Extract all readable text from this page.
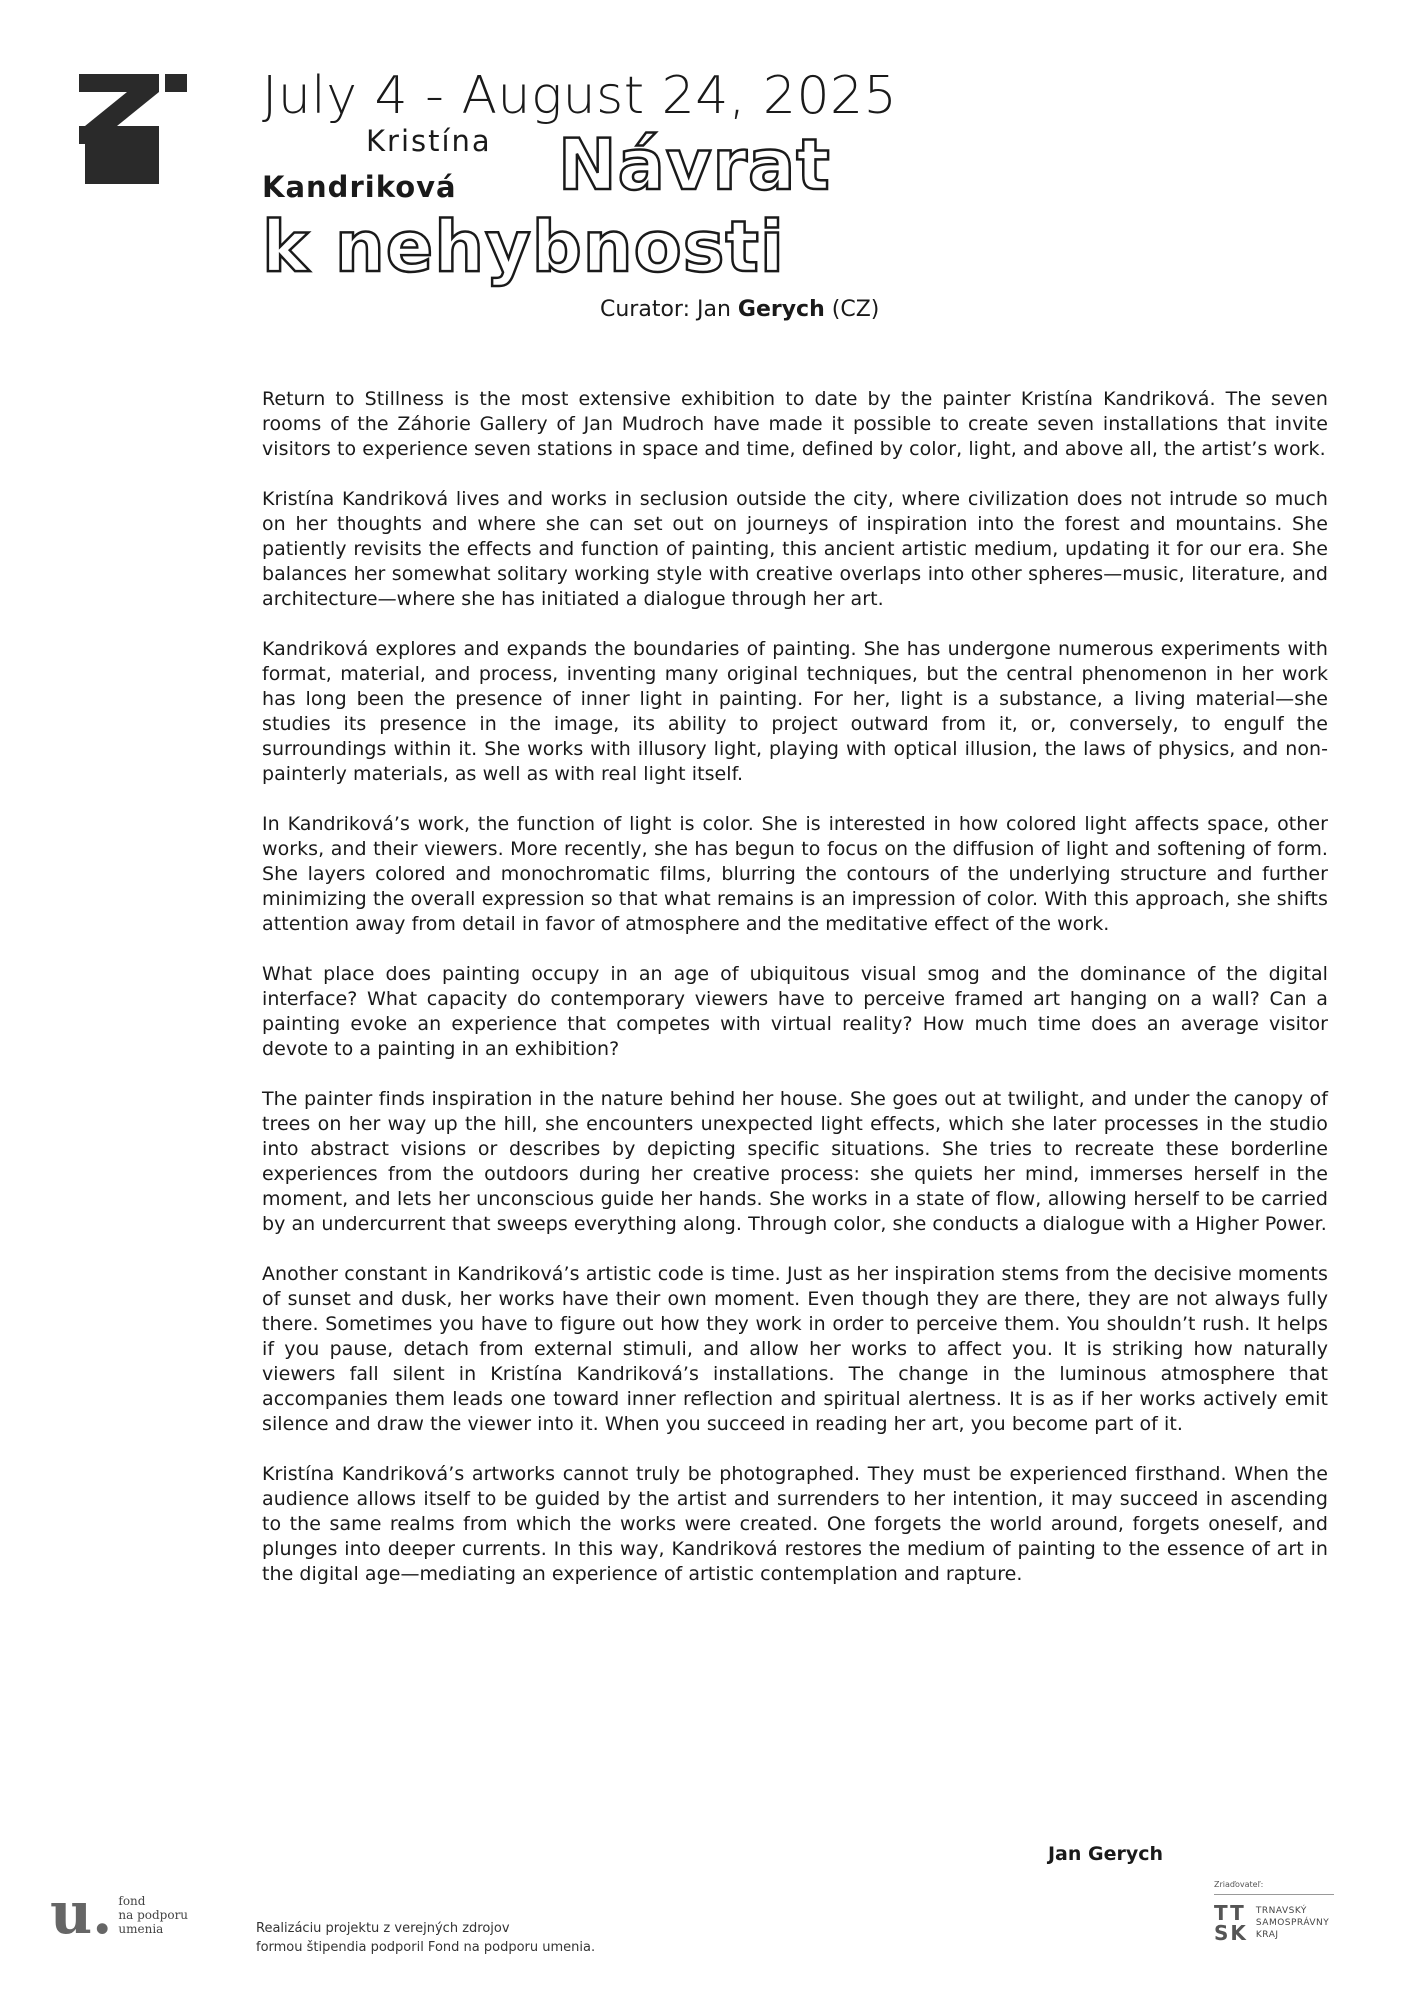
July 4 - August 24, 2025
Kristína
Kandriková Návrat
k nehybnosti
Curator: Jan Gerych (CZ)

Return to Stillness is the most extensive exhibition to date by the painter Kristína Kandriková. The seven rooms of the Záhorie Gallery of Jan Mudroch have made it possible to create seven installations that invite visitors to experience seven stations in space and time, defined by color, light, and above all, the artist’s work.

Kristína Kandriková lives and works in seclusion outside the city, where civilization does not intrude so much on her thoughts and where she can set out on journeys of inspiration into the forest and mountains. She patiently revisits the effects and function of painting, this ancient artistic medium, updating it for our era. She balances her somewhat solitary working style with creative overlaps into other spheres—music, literature, and architecture—where she has initiated a dialogue through her art.

Kandriková explores and expands the boundaries of painting. She has undergone numerous experiments with format, material, and process, inventing many original techniques, but the central phenomenon in her work has long been the presence of inner light in painting. For her, light is a substance, a living material—she studies its presence in the image, its ability to project outward from it, or, conversely, to engulf the surroundings within it. She works with illusory light, playing with optical illusion, the laws of physics, and non-painterly materials, as well as with real light itself.

In Kandriková’s work, the function of light is color. She is interested in how colored light affects space, other works, and their viewers. More recently, she has begun to focus on the diffusion of light and softening of form. She layers colored and monochromatic films, blurring the contours of the underlying structure and further minimizing the overall expression so that what remains is an impression of color. With this approach, she shifts attention away from detail in favor of atmosphere and the meditative effect of the work.

What place does painting occupy in an age of ubiquitous visual smog and the dominance of the digital interface? What capacity do contemporary viewers have to perceive framed art hanging on a wall? Can a painting evoke an experience that competes with virtual reality? How much time does an average visitor devote to a painting in an exhibition?

The painter finds inspiration in the nature behind her house. She goes out at twilight, and under the canopy of trees on her way up the hill, she encounters unexpected light effects, which she later processes in the studio into abstract visions or describes by depicting specific situations. She tries to recreate these borderline experiences from the outdoors during her creative process: she quiets her mind, immerses herself in the moment, and lets her unconscious guide her hands. She works in a state of flow, allowing herself to be carried by an undercurrent that sweeps everything along. Through color, she conducts a dialogue with a Higher Power.

Another constant in Kandriková’s artistic code is time. Just as her inspiration stems from the decisive moments of sunset and dusk, her works have their own moment. Even though they are there, they are not always fully there. Sometimes you have to figure out how they work in order to perceive them. You shouldn’t rush. It helps if you pause, detach from external stimuli, and allow her works to affect you. It is striking how naturally viewers fall silent in Kristína Kandriková’s installations. The change in the luminous atmosphere that accompanies them leads one toward inner reflection and spiritual alertness. It is as if her works actively emit silence and draw the viewer into it. When you succeed in reading her art, you become part of it.

Kristína Kandriková’s artworks cannot truly be photographed. They must be experienced firsthand. When the audience allows itself to be guided by the artist and surrenders to her intention, it may succeed in ascending to the same realms from which the works were created. One forgets the world around, forgets oneself, and plunges into deeper currents. In this way, Kandriková restores the medium of painting to the essence of art in the digital age—mediating an experience of artistic contemplation and rapture.

Jan Gerych
u. fond
na podporu
umenia	Realizáciu projektu z verejných zdrojov
formou štipendia podporil Fond na podporu umenia.
Zriaďovateľ:
TT
SK
TRNAVSKÝ
SAMOSPRÁVNY
KRAJ
